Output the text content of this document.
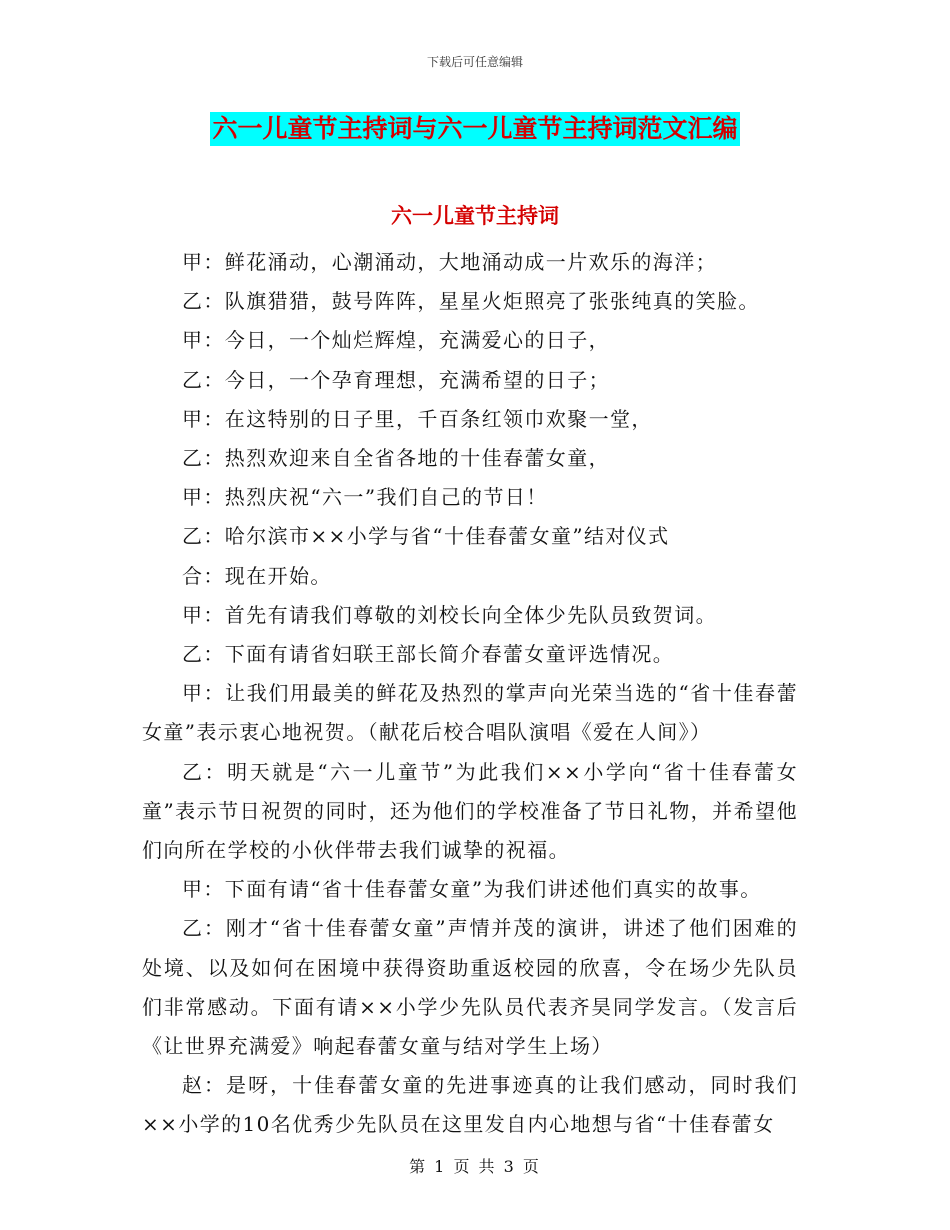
下载后可任意编辑
六一儿童节主持词与六一儿童节主持词范文汇编
六一儿童节主持词

甲：鲜花涌动，心潮涌动，大地涌动成一片欢乐的海洋；

乙：队旗猎猎，鼓号阵阵，星星火炬照亮了张张纯真的笑脸。

甲：今日，一个灿烂辉煌，充满爱心的日子，

乙：今日，一个孕育理想，充满希望的日子；

甲：在这特别的日子里，千百条红领巾欢聚一堂，

乙：热烈欢迎来自全省各地的十佳春蕾女童，

甲：热烈庆祝“六一”我们自己的节日！

乙：哈尔滨市××小学与省“十佳春蕾女童”结对仪式

合：现在开始。

甲：首先有请我们尊敬的刘校长向全体少先队员致贺词。

乙：下面有请省妇联王部长简介春蕾女童评选情况。

甲：让我们用最美的鲜花及热烈的掌声向光荣当选的“省十佳春蕾女童”表示衷心地祝贺。（献花后校合唱队演唱《爱在人间》）

乙：明天就是“六一儿童节”为此我们××小学向“省十佳春蕾女童”表示节日祝贺的同时，还为他们的学校准备了节日礼物，并希望他们向所在学校的小伙伴带去我们诚挚的祝福。

甲：下面有请“省十佳春蕾女童”为我们讲述他们真实的故事。

乙：刚才“省十佳春蕾女童”声情并茂的演讲，讲述了他们困难的处境、以及如何在困境中获得资助重返校园的欣喜，令在场少先队员们非常感动。下面有请××小学少先队员代表齐昊同学发言。（发言后《让世界充满爱》响起春蕾女童与结对学生上场）

赵：是呀，十佳春蕾女童的先进事迹真的让我们感动，同时我们××小学的10名优秀少先队员在这里发自内心地想与省“十佳春蕾女

第 1 页 共 3 页
